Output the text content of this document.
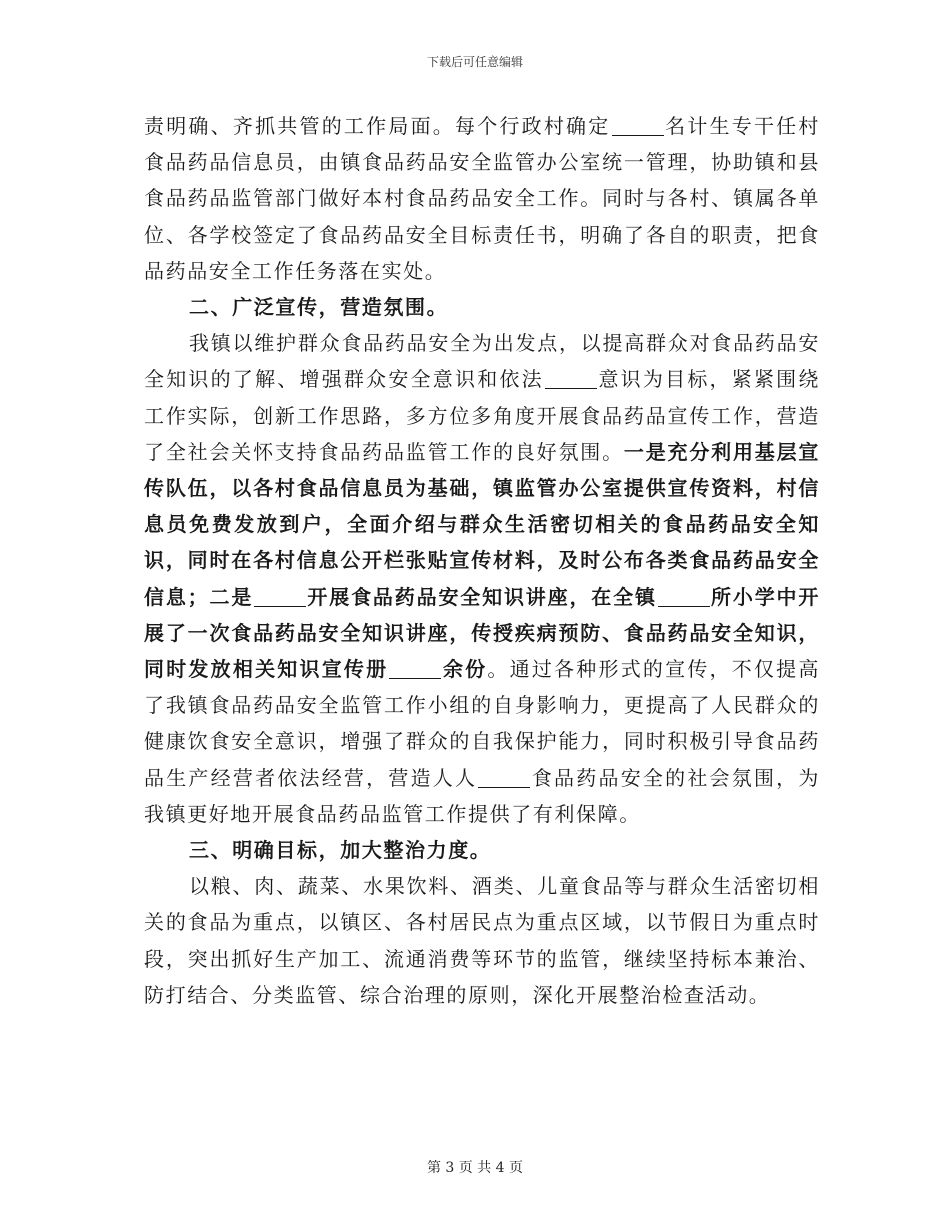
下载后可任意编辑

责明确、齐抓共管的工作局面。每个行政村确定	名计生专干任村食品药品信息员，由镇食品药品安全监管办公室统一管理，协助镇和县食品药品监管部门做好本村食品药品安全工作。同时与各村、镇属各单位、各学校签定了食品药品安全目标责任书，明确了各自的职责，把食品药品安全工作任务落在实处。

二、广泛宣传，营造氛围。

我镇以维护群众食品药品安全为出发点，以提高群众对食品药品安全知识的了解、增强群众安全意识和依法	意识为目标，紧紧围绕工作实际，创新工作思路，多方位多角度开展食品药品宣传工作，营造了全社会关怀支持食品药品监管工作的良好氛围。一是充分利用基层宣传队伍，以各村食品信息员为基础，镇监管办公室提供宣传资料，村信息员免费发放到户，全面介绍与群众生活密切相关的食品药品安全知识，同时在各村信息公开栏张贴宣传材料，及时公布各类食品药品安全信息；二是	开展食品药品安全知识讲座，在全镇	所小学中开展了一次食品药品安全知识讲座，传授疾病预防、食品药品安全知识，同时发放相关知识宣传册	余份。通过各种形式的宣传，不仅提高了我镇食品药品安全监管工作小组的自身影响力，更提高了人民群众的健康饮食安全意识，增强了群众的自我保护能力，同时积极引导食品药品生产经营者依法经营，营造人人	食品药品安全的社会氛围，为我镇更好地开展食品药品监管工作提供了有利保障。

三、明确目标，加大整治力度。

以粮、肉、蔬菜、水果饮料、酒类、儿童食品等与群众生活密切相关的食品为重点，以镇区、各村居民点为重点区域，以节假日为重点时段，突出抓好生产加工、流通消费等环节的监管，继续坚持标本兼治、防打结合、分类监管、综合治理的原则，深化开展整治检查活动。

第 3 页 共 4 页
